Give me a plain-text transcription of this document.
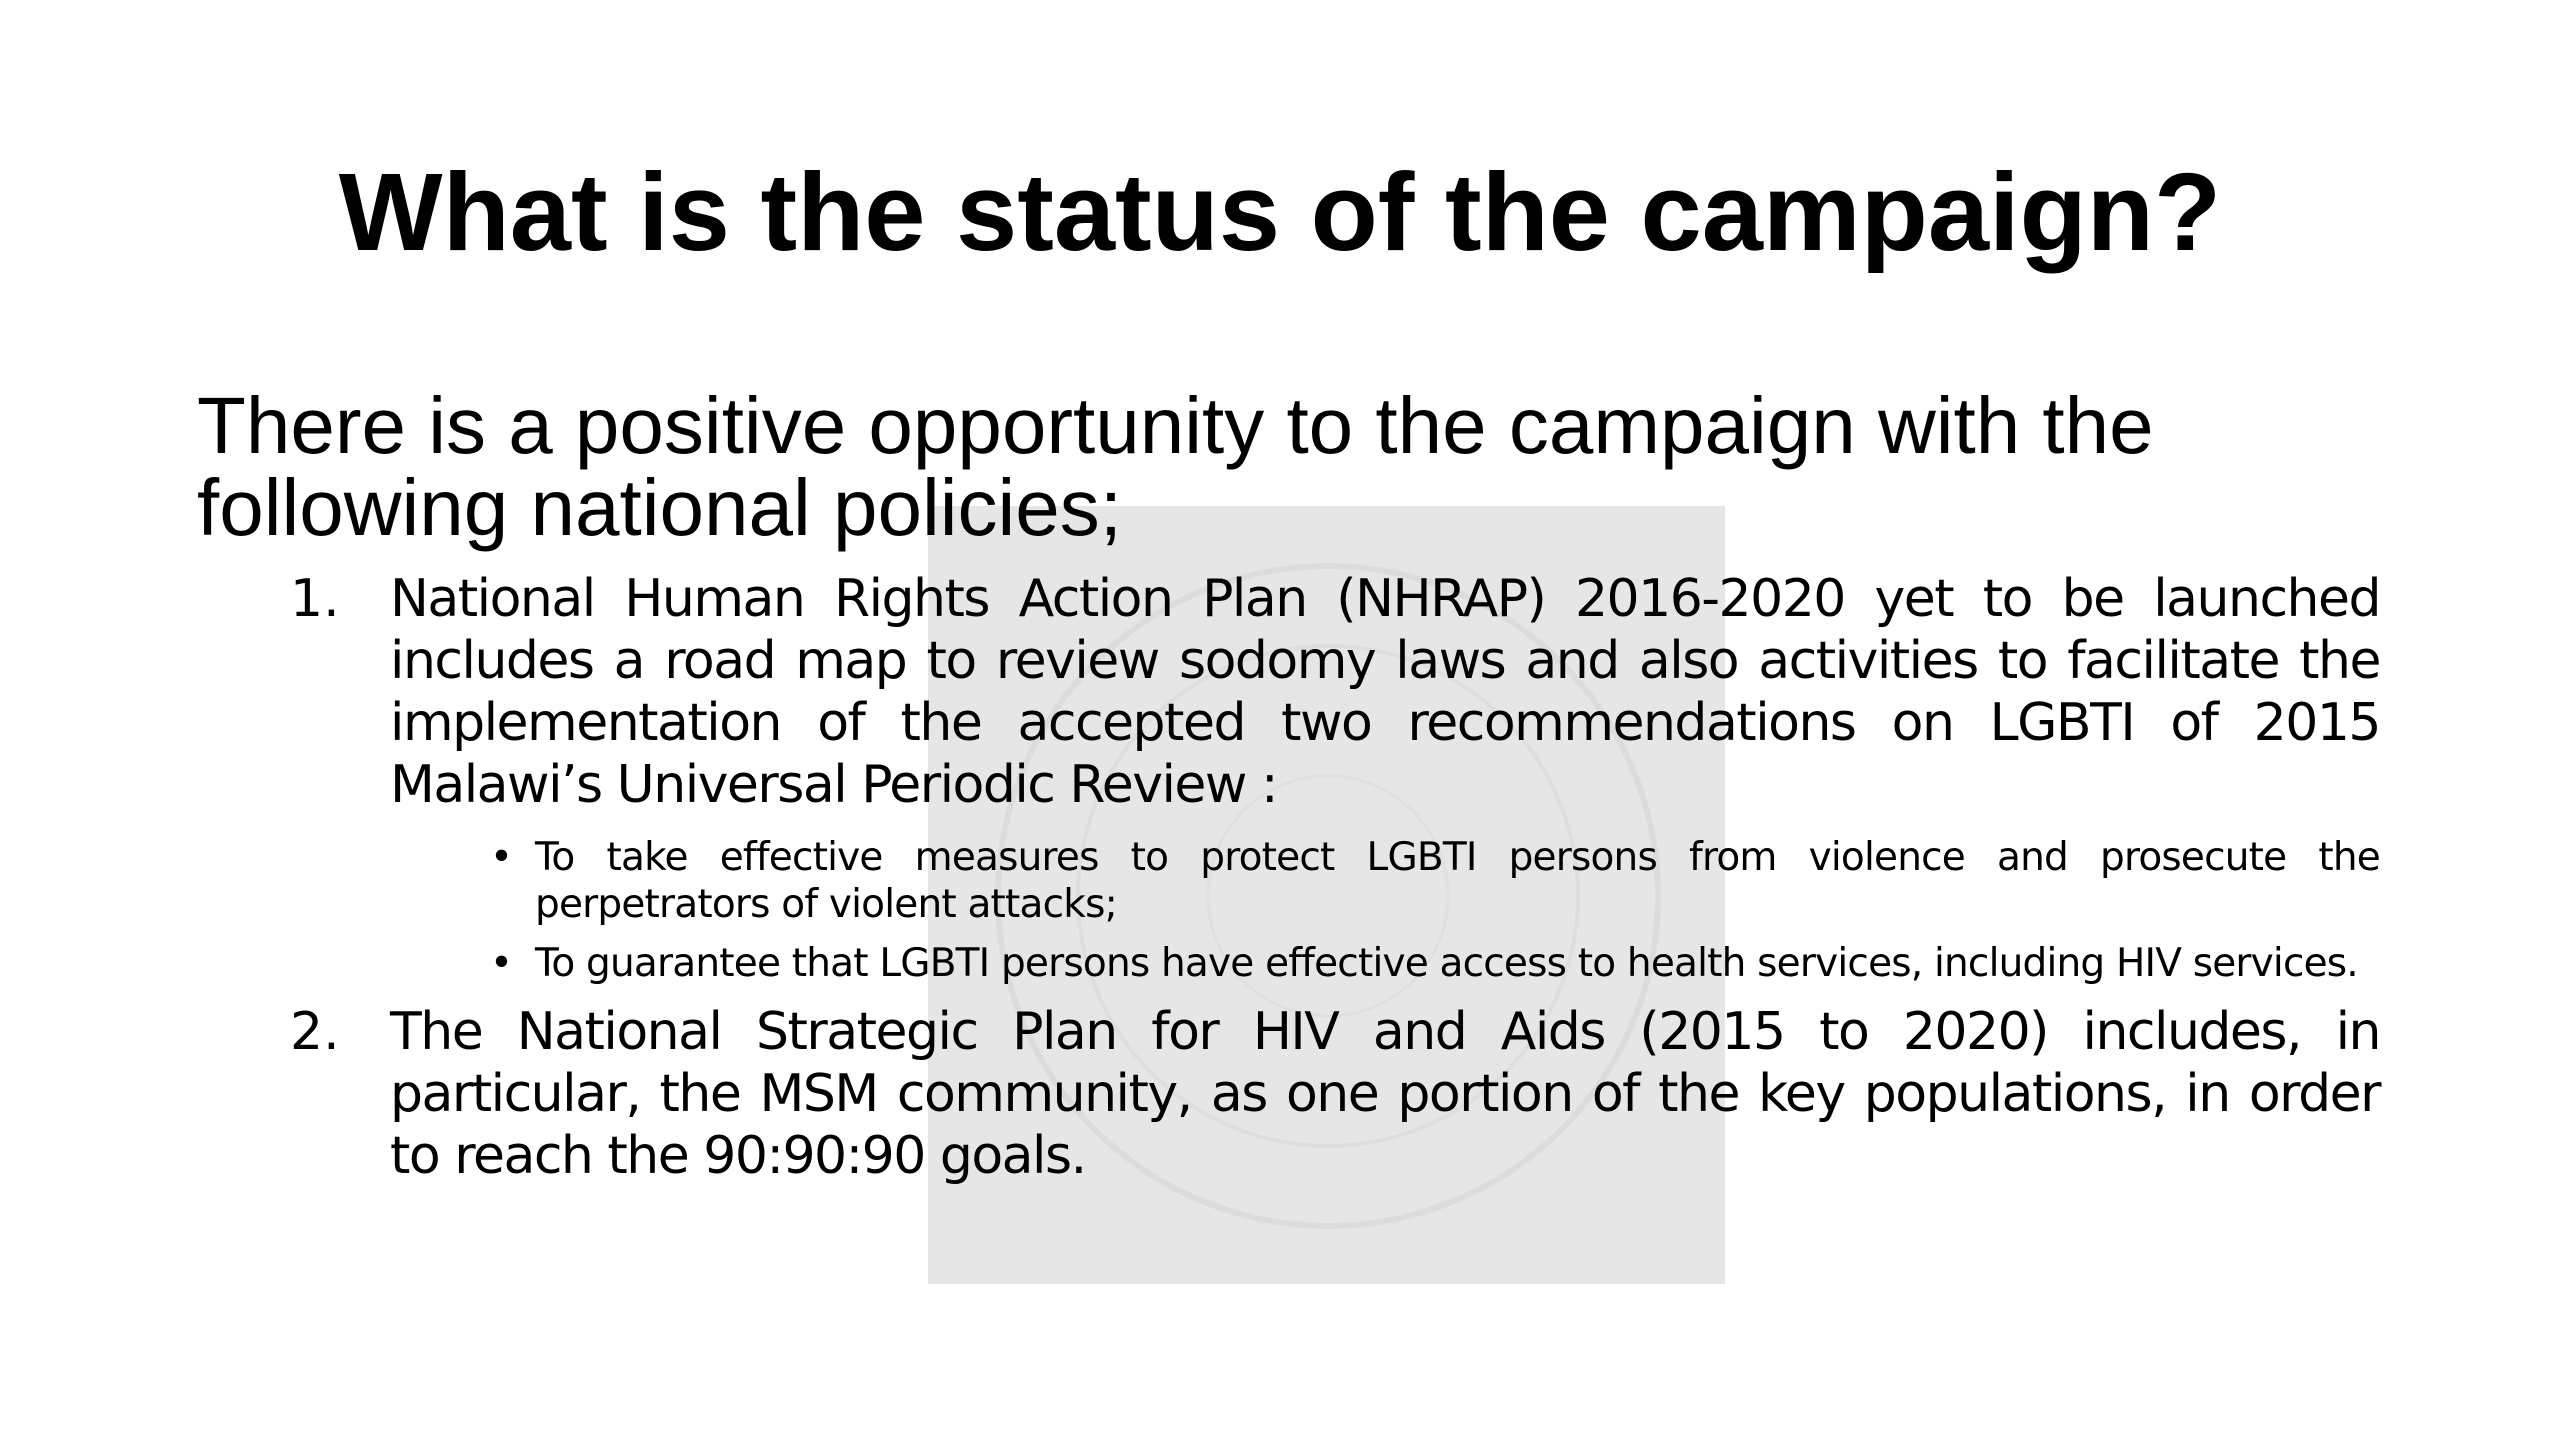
What is the status of the campaign?

There is a positive opportunity to the campaign with the following national policies;

1. National Human Rights Action Plan (NHRAP) 2016-2020 yet to be launched includes a road map to review sodomy laws and also activities to facilitate the implementation of the accepted two recommendations on LGBTI of 2015 Malawi’s Universal Periodic Review :
• To take effective measures to protect LGBTI persons from violence and prosecute the perpetrators of violent attacks;
• To guarantee that LGBTI persons have effective access to health services, including HIV services.
2. The National Strategic Plan for HIV and Aids (2015 to 2020) includes, in particular, the MSM community, as one portion of the key populations, in order to reach the 90:90:90 goals.
